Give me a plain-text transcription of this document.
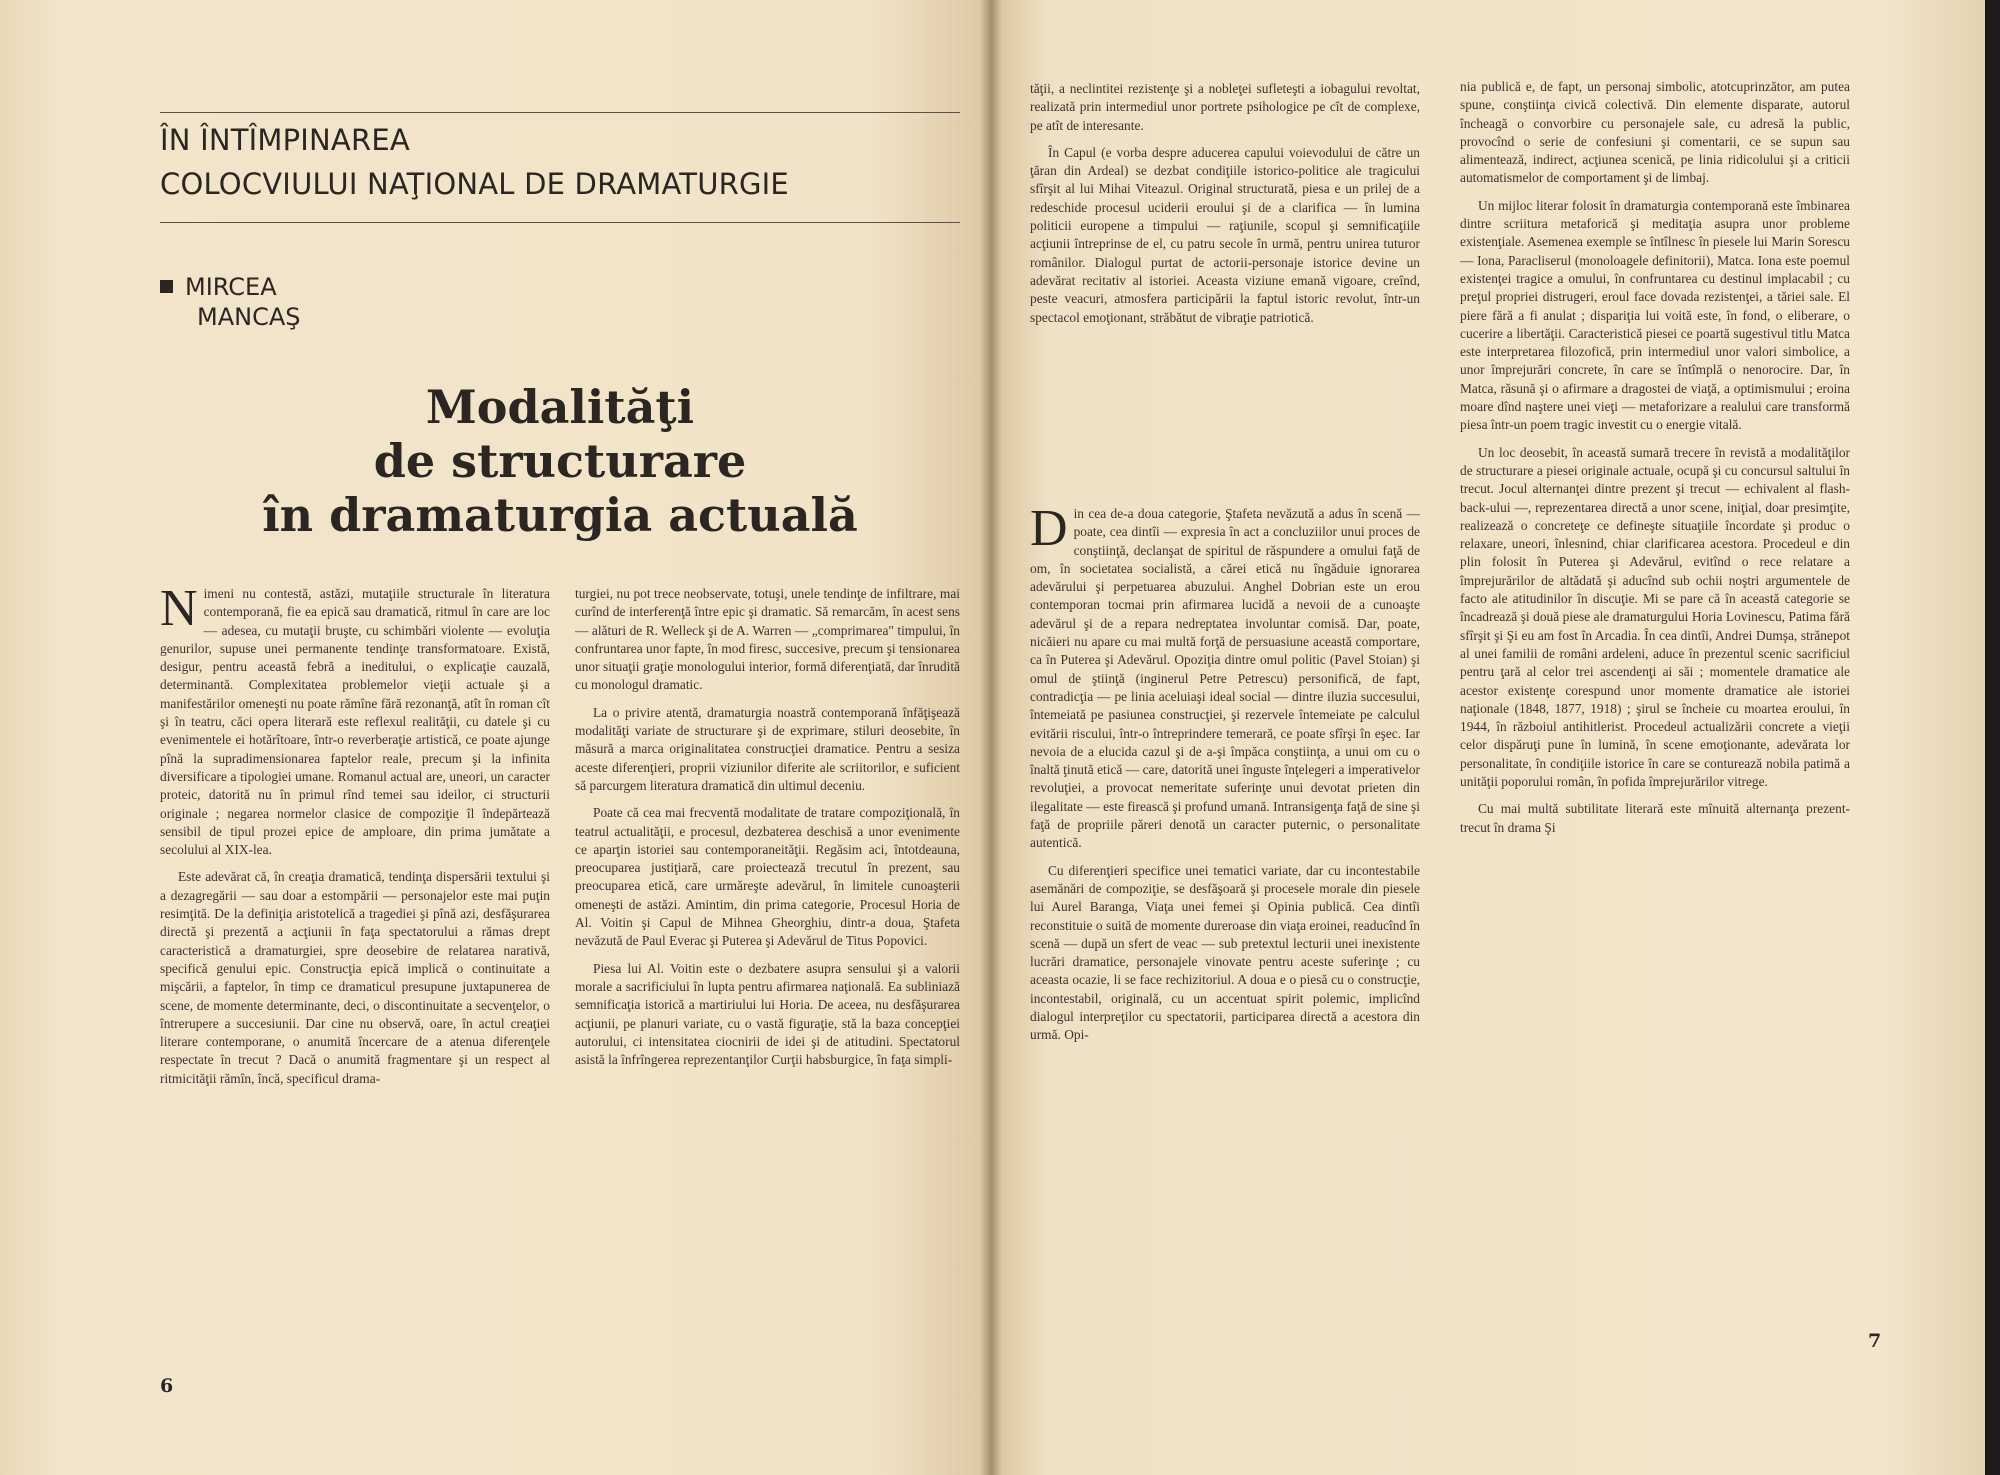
ÎN ÎNTÎMPINAREA
COLOCVIULUI NAŢIONAL DE DRAMATURGIE
MIRCEA
MANCAŞ
Modalităţi
de structurare
în dramaturgia actuală

Nimeni nu contestă, astăzi, mutaţiile structurale în literatura contemporană, fie ea epică sau dramatică, ritmul în care are loc — adesea, cu mutaţii bruşte, cu schimbări violente — evoluţia genurilor, supuse unei permanente tendinţe transformatoare. Există, desigur, pentru această febră a ineditului, o explicaţie cauzală, determinantă. Complexitatea problemelor vieţii actuale şi a manifestărilor omeneşti nu poate rămîne fără rezonanţă, atît în roman cît şi în teatru, căci opera literară este reflexul realităţii, cu datele şi cu evenimentele ei hotărîtoare, într-o reverberaţie artistică, ce poate ajunge pînă la supradimensionarea faptelor reale, precum şi la infinita diversificare a tipologiei umane. Romanul actual are, uneori, un caracter proteic, datorită nu în primul rînd temei sau ideilor, ci structurii originale ; negarea normelor clasice de compoziţie îl îndepărtează sensibil de tipul prozei epice de amploare, din prima jumătate a secolului al XIX-lea.

Este adevărat că, în creaţia dramatică, tendinţa dispersării textului şi a dezagregării — sau doar a estompării — personajelor este mai puţin resimţită. De la definiţia aristotelică a tragediei şi pînă azi, desfăşurarea directă şi prezentă a acţiunii în faţa spectatorului a rămas drept caracteristică a dramaturgiei, spre deosebire de relatarea narativă, specifică genului epic. Construcţia epică implică o continuitate a mişcării, a faptelor, în timp ce dramaticul presupune juxtapunerea de scene, de momente determinante, deci, o discontinuitate a secvenţelor, o întrerupere a succesiunii. Dar cine nu observă, oare, în actul creaţiei literare contemporane, o anumită încercare de a atenua diferenţele respectate în trecut ? Dacă o anumită fragmentare şi un respect al ritmicităţii rămîn, încă, specificul drama-

turgiei, nu pot trece neobservate, totuşi, unele tendinţe de infiltrare, mai curînd de interferenţă între epic şi dramatic. Să remarcăm, în acest sens — alături de R. Welleck şi de A. Warren — „comprimarea" timpului, în confruntarea unor fapte, în mod firesc, succesive, precum şi tensionarea unor situaţii graţie monologului interior, formă diferenţiată, dar înrudită cu monologul dramatic.

La o privire atentă, dramaturgia noastră contemporană înfăţişează modalităţi variate de structurare şi de exprimare, stiluri deosebite, în măsură a marca originalitatea construcţiei dramatice. Pentru a sesiza aceste diferenţieri, proprii viziunilor diferite ale scriitorilor, e suficient să parcurgem literatura dramatică din ultimul deceniu.

Poate că cea mai frecventă modalitate de tratare compoziţională, în teatrul actualităţii, e procesul, dezbaterea deschisă a unor evenimente ce aparţin istoriei sau contemporaneităţii. Regăsim aci, întotdeauna, preocuparea justiţiară, care proiectează trecutul în prezent, sau preocuparea etică, care urmăreşte adevărul, în limitele cunoaşterii omeneşti de astăzi. Amintim, din prima categorie, Procesul Horia de Al. Voitin şi Capul de Mihnea Gheorghiu, dintr-a doua, Ştafeta nevăzută de Paul Everac şi Puterea şi Adevărul de Titus Popovici.

Piesa lui Al. Voitin este o dezbatere asupra sensului şi a valorii morale a sacrificiului în lupta pentru afirmarea naţională. Ea subliniază semnificaţia istorică a martiriului lui Horia. De aceea, nu desfăşurarea acţiunii, pe planuri variate, cu o vastă figuraţie, stă la baza concepţiei autorului, ci intensitatea ciocnirii de idei şi de atitudini. Spectatorul asistă la înfrîngerea reprezentanţilor Curţii habsburgice, în faţa simpli-

6

tăţii, a neclintitei rezistenţe şi a nobleţei sufleteşti a iobagului revoltat, realizată prin intermediul unor portrete psihologice pe cît de complexe, pe atît de interesante.

În Capul (e vorba despre aducerea capului voievodului de către un ţăran din Ardeal) se dezbat condiţiile istorico-politice ale tragicului sfîrşit al lui Mihai Viteazul. Original structurată, piesa e un prilej de a redeschide procesul uciderii eroului şi de a clarifica — în lumina politicii europene a timpului — raţiunile, scopul şi semnificaţiile acţiunii întreprinse de el, cu patru secole în urmă, pentru unirea tuturor românilor. Dialogul purtat de actorii-personaje istorice devine un adevărat recitativ al istoriei. Aceasta viziune emană vigoare, creînd, peste veacuri, atmosfera participării la faptul istoric revolut, într-un spectacol emoţionant, străbătut de vibraţie patriotică.

Din cea de-a doua categorie, Ştafeta nevăzută a adus în scenă — poate, cea dintîi — expresia în act a concluziilor unui proces de conştiinţă, declanşat de spiritul de răspundere a omului faţă de om, în societatea socialistă, a cărei etică nu îngăduie ignorarea adevărului şi perpetuarea abuzului. Anghel Dobrian este un erou contemporan tocmai prin afirmarea lucidă a nevoii de a cunoaşte adevărul şi de a repara nedreptatea involuntar comisă. Dar, poate, nicăieri nu apare cu mai multă forţă de persuasiune această comportare, ca în Puterea şi Adevărul. Opoziţia dintre omul politic (Pavel Stoian) şi omul de ştiinţă (inginerul Petre Petrescu) personifică, de fapt, contradicţia — pe linia aceluiaşi ideal social — dintre iluzia succesului, întemeiată pe pasiunea construcţiei, şi rezervele întemeiate pe calculul evitării riscului, într-o întreprindere temerară, ce poate sfîrşi în eşec. Iar nevoia de a elucida cazul şi de a-şi împăca conştiinţa, a unui om cu o înaltă ţinută etică — care, datorită unei înguste înţelegeri a imperativelor revoluţiei, a provocat nemeritate suferinţe unui devotat prieten din ilegalitate — este firească şi profund umană. Intransigenţa faţă de sine şi faţă de propriile păreri denotă un caracter puternic, o personalitate autentică.

Cu diferenţieri specifice unei tematici variate, dar cu incontestabile asemănări de compoziţie, se desfăşoară şi procesele morale din piesele lui Aurel Baranga, Viaţa unei femei şi Opinia publică. Cea dintîi reconstituie o suită de momente dureroase din viaţa eroinei, readucînd în scenă — după un sfert de veac — sub pretextul lecturii unei inexistente lucrări dramatice, personajele vinovate pentru aceste suferinţe ; cu aceasta ocazie, li se face rechizitoriul. A doua e o piesă cu o construcţie, incontestabil, originală, cu un accentuat spirit polemic, implicînd dialogul interpreţilor cu spectatorii, participarea directă a acestora din urmă. Opi-

nia publică e, de fapt, un personaj simbolic, atotcuprinzător, am putea spune, conştiinţa civică colectivă. Din elemente disparate, autorul încheagă o convorbire cu personajele sale, cu adresă la public, provocînd o serie de confesiuni şi comentarii, ce se supun sau alimentează, indirect, acţiunea scenică, pe linia ridicolului şi a criticii automatismelor de comportament şi de limbaj.

Un mijloc literar folosit în dramaturgia contemporană este îmbinarea dintre scriitura metaforică şi meditaţia asupra unor probleme existenţiale. Asemenea exemple se întîlnesc în piesele lui Marin Sorescu — Iona, Paracliserul (monoloagele definitorii), Matca. Iona este poemul existenţei tragice a omului, în confruntarea cu destinul implacabil ; cu preţul propriei distrugeri, eroul face dovada rezistenţei, a tăriei sale. El piere fără a fi anulat ; dispariţia lui voită este, în fond, o eliberare, o cucerire a libertăţii. Caracteristică piesei ce poartă sugestivul titlu Matca este interpretarea filozofică, prin intermediul unor valori simbolice, a unor împrejurări concrete, în care se întîmplă o nenorocire. Dar, în Matca, răsună şi o afirmare a dragostei de viaţă, a optimismului ; eroina moare dînd naştere unei vieţi — metaforizare a realului care transformă piesa într-un poem tragic investit cu o energie vitală.

Un loc deosebit, în această sumară trecere în revistă a modalităţilor de structurare a piesei originale actuale, ocupă şi cu concursul saltului în trecut. Jocul alternanţei dintre prezent şi trecut — echivalent al flash-back-ului —, reprezentarea directă a unor scene, iniţial, doar presimţite, realizează o concreteţe ce defineşte situaţiile încordate şi produc o relaxare, uneori, înlesnind, chiar clarificarea acestora. Procedeul e din plin folosit în Puterea şi Adevărul, evitînd o rece relatare a împrejurărilor de altădată şi aducînd sub ochii noştri argumentele de facto ale atitudinilor în discuţie. Mi se pare că în această categorie se încadrează şi două piese ale dramaturgului Horia Lovinescu, Patima fără sfîrşit şi Şi eu am fost în Arcadia. În cea dintîi, Andrei Dumşa, strănepot al unei familii de români ardeleni, aduce în prezentul scenic sacrificiul pentru ţară al celor trei ascendenţi ai săi ; momentele dramatice ale acestor existenţe corespund unor momente dramatice ale istoriei naţionale (1848, 1877, 1918) ; şirul se încheie cu moartea eroului, în 1944, în războiul antihitlerist. Procedeul actualizării concrete a vieţii celor dispăruţi pune în lumină, în scene emoţionante, adevărata lor personalitate, în condiţiile istorice în care se conturează nobila patimă a unităţii poporului român, în pofida împrejurărilor vitrege.

Cu mai multă subtilitate literară este mînuită alternanţa prezent-trecut în drama Şi

7
